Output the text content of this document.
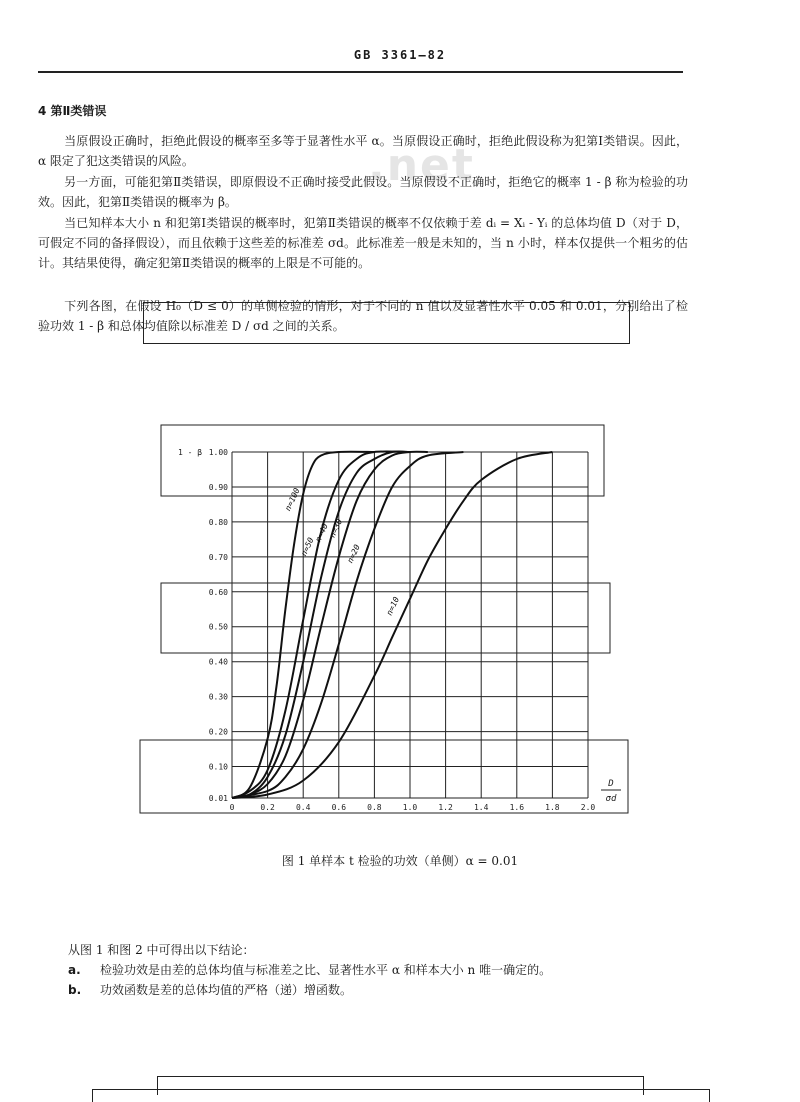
GB 3361—82
4 第Ⅱ类错误
.net
当原假设正确时，拒绝此假设的概率至多等于显著性水平 α。当原假设正确时，拒绝此假设称为犯第Ⅰ类错误。因此，α 限定了犯这类错误的风险。
另一方面，可能犯第Ⅱ类错误，即原假设不正确时接受此假设。当原假设不正确时，拒绝它的概率 1 - β 称为检验的功效。因此，犯第Ⅱ类错误的概率为 β。
当已知样本大小 n 和犯第Ⅰ类错误的概率时，犯第Ⅱ类错误的概率不仅依赖于差 dᵢ = Xᵢ - Yᵢ 的总体均值 D（对于 D，可假定不同的备择假设），而且依赖于这些差的标准差 σd。此标准差一般是未知的，当 n 小时，样本仅提供一个粗劣的估计。其结果使得，确定犯第Ⅱ类错误的概率的上限是不可能的。
下列各图，在假设 H₀（D ≤ 0）的单侧检验的情形，对于不同的 n 值以及显著性水平 0.05 和 0.01，分别给出了检验功效 1 - β 和总体均值除以标准差 D / σd 之间的关系。
0	0.2	0.4	0.6	0.8	1.0	1.2	1.4	1.6	1.8	2.0
0.01
0.10
0.20
0.30
0.40
0.50
0.60
0.70
0.80
0.90
1.00
1 - β
D
σd
n=100
n=50
n=40
n=30
n=20
n=10
图 1 单样本 t 检验的功效（单侧）α = 0.01
从图 1 和图 2 中可得出以下结论：
a. 检验功效是由差的总体均值与标准差之比、显著性水平 α 和样本大小 n 唯一确定的。
b. 功效函数是差的总体均值的严格（递）增函数。
